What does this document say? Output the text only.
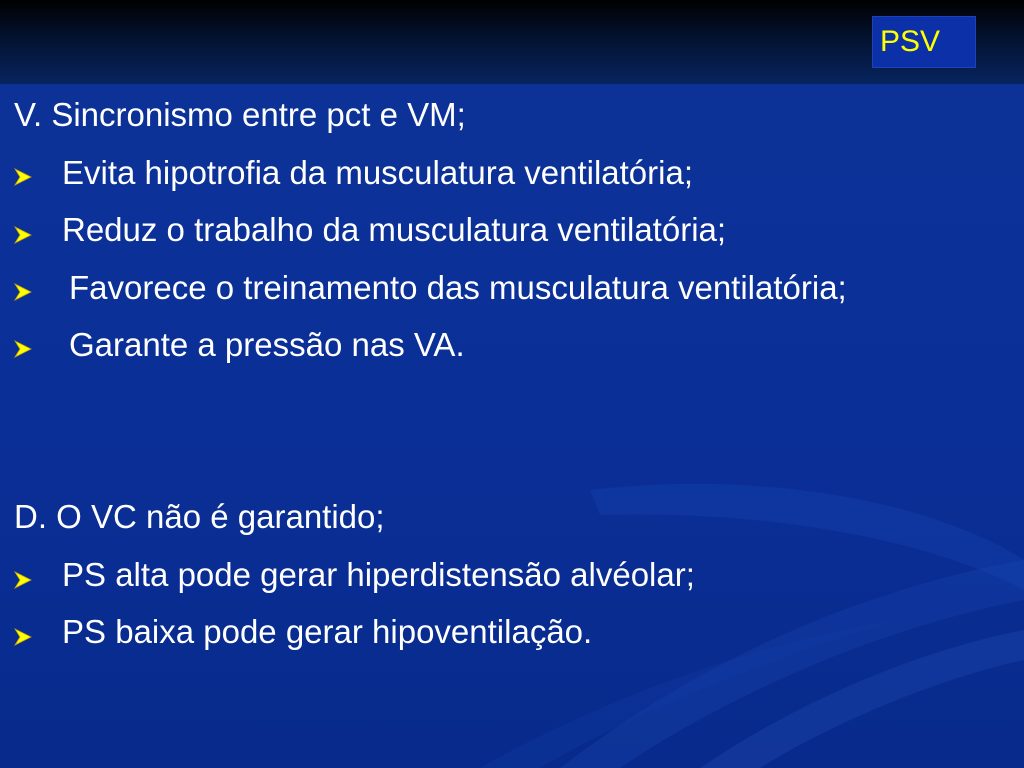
PSV
V. Sincronismo entre pct e VM;
Evita hipotrofia da musculatura ventilatória;
Reduz o trabalho da musculatura ventilatória;
Favorece o treinamento das musculatura ventilatória;
Garante a pressão nas VA.
D. O VC não é garantido;
PS alta pode gerar hiperdistensão alvéolar;
PS baixa pode gerar hipoventilação.
